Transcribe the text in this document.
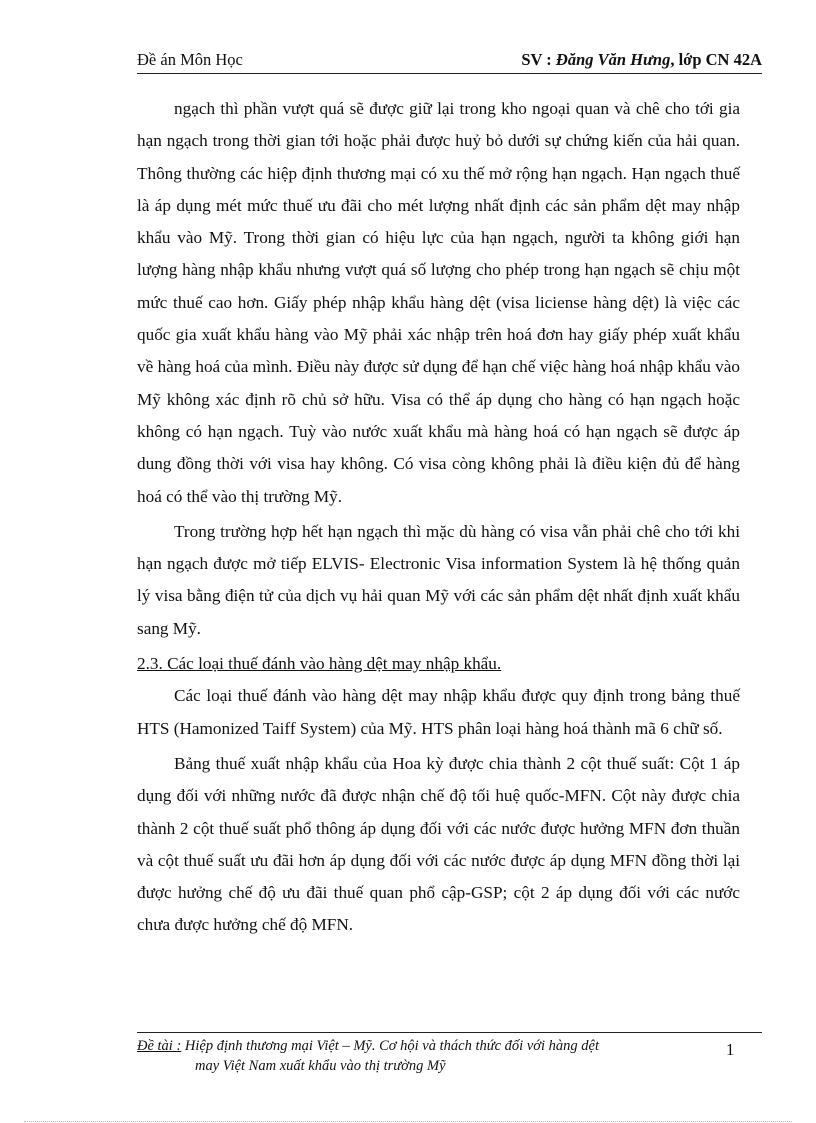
Đề án Môn Học	SV : Đăng Văn Hưng, lớp CN 42A

ngạch thì phần vượt quá sẽ được giữ lại trong kho ngoại quan và chê cho tới gia hạn ngạch trong thời gian tới hoặc phải được huỷ bỏ dưới sự chứng kiến của hải quan. Thông thường các hiệp định thương mại có xu thế mở rộng hạn ngạch. Hạn ngạch thuế là áp dụng mét mức thuế ưu đãi cho mét lượng nhất định các sản phẩm dệt may nhập khẩu vào Mỹ. Trong thời gian có hiệu lực của hạn ngạch, người ta không giới hạn lượng hàng nhập khẩu nhưng vượt quá số lượng cho phép trong hạn ngạch sẽ chịu một mức thuế cao hơn. Giấy phép nhập khẩu hàng dệt (visa liciense hàng dệt) là việc các quốc gia xuất khẩu hàng vào Mỹ phải xác nhập trên hoá đơn hay giấy phép xuất khẩu về hàng hoá của mình. Điều này được sử dụng để hạn chế việc hàng hoá nhập khẩu vào Mỹ không xác định rõ chủ sở hữu. Visa có thể áp dụng cho hàng có hạn ngạch hoặc không có hạn ngạch. Tuỳ vào nước xuất khẩu mà hàng hoá có hạn ngạch sẽ được áp dung đồng thời với visa hay không. Có visa còng không phải là điều kiện đủ để hàng hoá có thể vào thị trường Mỹ.

Trong trường hợp hết hạn ngạch thì mặc dù hàng có visa vẫn phải chê cho tới khi hạn ngạch được mở tiếp ELVIS- Electronic Visa information System là hệ thống quản lý visa bằng điện tử của dịch vụ hải quan Mỹ với các sản phẩm dệt nhất định xuất khẩu sang Mỹ.

2.3. Các loại thuế đánh vào hàng dệt may nhập khẩu.

Các loại thuế đánh vào hàng dệt may nhập khẩu được quy định trong bảng thuế HTS (Hamonized Taiff System) của Mỹ. HTS phân loại hàng hoá thành mã 6 chữ số.

Bảng thuế xuất nhập khẩu của Hoa kỳ được chia thành 2 cột thuế suất: Cột 1 áp dụng đối với những nước đã được nhận chế độ tối huệ quốc-MFN. Cột này được chia thành 2 cột thuế suất phổ thông áp dụng đối với các nước được hưởng MFN đơn thuần và cột thuế suất ưu đãi hơn áp dụng đối với các nước được áp dụng MFN đồng thời lại được hưởng chế độ ưu đãi thuế quan phổ cập-GSP; cột 2 áp dụng đối với các nước chưa được hưởng chế độ MFN.

Đề tài : Hiệp định thương mại Việt – Mỹ. Cơ hội và thách thức đối với hàng dệt
may Việt Nam xuất khẩu vào thị trường Mỹ
1
